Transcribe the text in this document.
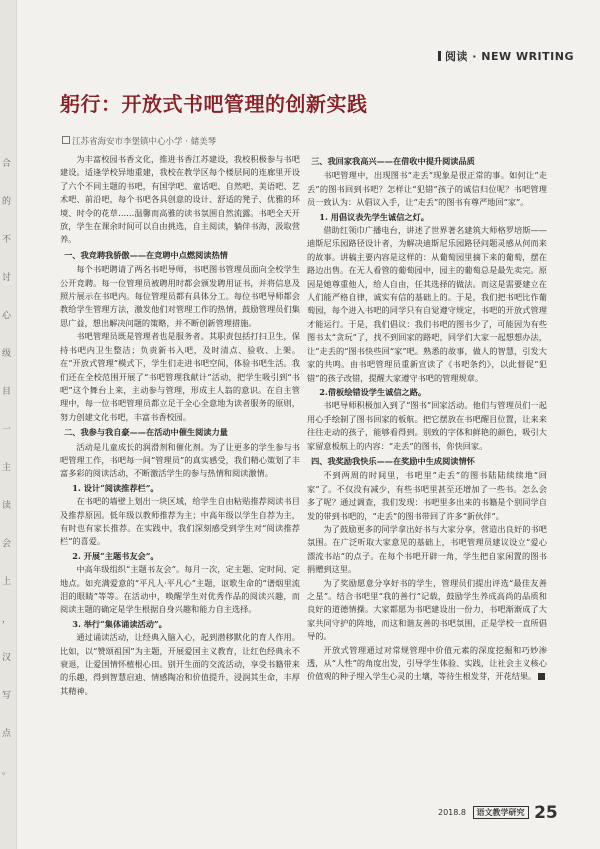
合
的
不
讨
心
级
目
一
主
读
会
上
，
汉
写
点
。
阅读 · NEW WRITING
躬行：开放式书吧管理的创新实践
江苏省海安市李堡镇中心小学 · 储美琴

为丰富校园书香文化，推进书香江苏建设，我校积极参与书吧建设。适逢学校异地重建，我校在教学区每个楼层间的连廊里开设了六个不同主题的书吧，有国学吧、童话吧、自然吧、美语吧、艺术吧、前沿吧，每个书吧各具创意的设计、舒适的凳子、优雅的环境、时令的花草……温馨而高雅的读书氛围自然流露。书吧全天开放，学生在课余时间可以自由挑选，自主阅读，躺伴书海，汲取营养。

一、我竞聘我骄傲——在竞聘中点燃阅读热情

每个书吧聘请了两名书吧导师，书吧图书管理员面向全校学生公开竞聘。每一位管理员被聘用时都会颁发聘用证书，并将信息及照片展示在书吧内。每位管理员都有具体分工。每位书吧导师都会教给学生管理方法，激发他们对管理工作的热情，鼓励管理员们集思广益，想出解决问题的策略，并不断创新管理措施。

书吧管理员既是管理者也是服务者。其职责包括打扫卫生，保持书吧内卫生整洁；负责新书入吧，及时清点、验收、上架。在“开放式管理”模式下，学生们走进书吧空间，体验书吧生活。我们还在全校范围开展了“书吧管理我献计”活动，把学生吸引到“书吧”这个舞台上来，主动参与管理，形成主人翁的意识。在自主管理中，每一位书吧管理员都立足于全心全意地为读者服务的原则，努力创建文化书吧，丰富书香校园。

二、我参与我自豪——在活动中催生阅读力量

活动是儿童成长的润滑剂和催化剂。为了让更多的学生参与书吧管理工作，书吧每一间“管理员”的真实感受，我们精心策划了丰富多彩的阅读活动，不断激活学生的参与热情和阅读激情。

1. 设计“阅读推荐栏”。

在书吧的墙壁上划出一块区域，给学生自由粘贴推荐阅读书目及推荐原因。低年级以教师推荐为主；中高年级以学生自荐为主，有时也有家长推荐。在实践中，我们深刻感受到学生对“阅读推荐栏”的喜爱。

2. 开展“主题书友会”。

中高年级组织“主题书友会”。每月一次，定主题、定时间、定地点。如充满爱意的“平凡人·平凡心”主题，讴歌生命的“谱烟里流泪的眼睛”等等。在活动中，唤醒学生对优秀作品的阅读兴趣，而阅读主题的确定是学生根据自身兴趣和能力自主选择。

3. 举行“集体诵读活动”。

通过诵读活动，让经典入脑入心，起到潜移默化的育人作用。比如，以“赞颂祖国”为主题，开展爱国主义教育，让红色经典永不衰退，让爱国情怀植根心田。别开生面的交流活动，享受书籍带来的乐趣，得到智慧启迪、情感陶冶和价值提升，浸润其生命，丰厚其精神。

三、我回家我高兴——在借收中提升阅读品质

书吧管理中，出现图书“走丢”现象是很正常的事。如何让“走丢”的图书回到书吧？怎样让“犯错”孩子的诚信归位呢？书吧管理员一致认为：从倡议入手，让“走丢”的图书有尊严地回“家”。

1. 用倡议表先学生诚信之灯。

借助红领巾广播电台，讲述了世界著名建筑大师格罗培斯——迪斯尼乐园路径设计者，为解决迪斯尼乐园路径问题灵感从何而来的故事。讲稿主要内容是这样的：从葡萄园里摘下来的葡萄，摆在路边出售。在无人看管的葡萄园中，园主的葡萄总是最先卖完。原因是她尊重他人，给人自由，任其选择的做法。而这是需要建立在人们能严格自律，诚实有信的基础上的。于是，我们把书吧比作葡萄园，每个进入书吧的同学只有自觉遵守规定，书吧的开放式管理才能运行。于是，我们倡议：我们书吧的图书少了，可能因为有些图书太“贪玩”了，找不到回家的路吧，同学们大家一起想想办法，让“走丢的”图书快些回“家”吧。熟悉的故事，做人的智慧，引发大家的共鸣。由书吧管理员重新宣读了《书吧条约》，以此督促“犯错”的孩子改错，提醒大家遵守书吧的管理规章。

2.借板绘错设学生诚信之路。

书吧导师积极加入到了“图书”回家活动。他们与管理员们一起用心手绘制了图书回家的板航。把它摆放在书吧醒目位置，让来来往往走动的孩子，能够看得到。别致的字体和鲜艳的颜色，吸引大家留意板航上的内容：“走丢”的图书，你快回家。

四、我奖励我快乐——在奖励中生成阅读情怀

不到两周的时间里，书吧里“走丢”的图书陆陆续续地“回家”了。不仅没有减少，有些书吧里甚至还增加了一些书。怎么会多了呢？通过调查，我们发现：书吧里多出来的书籍是个别同学自发的带到书吧的，“走丢”的图书带回了许多“新伙伴”。

为了鼓励更多的同学拿出好书与大家分享，营造出良好的书吧氛围。在广泛听取大家意见的基础上，书吧管理员建议设立“爱心漂流书站”的点子。在每个书吧开辟一角，学生把自家闲置的图书捐赠到这里。

为了奖励愿意分享好书的学生，管理员们提出评选“最佳友善之星”。结合书吧里“我的善行”记载，鼓励学生养成高尚的品质和良好的道德情操。大家都愿为书吧建设出一份力，书吧渐渐成了大家共同守护的阵地，而这和谐友善的书吧氛围，正是学校一直所倡导的。

开放式管理通过对常规管理中价值元素的深度挖掘和巧妙渗透，从“人性”的角度出发，引导学生体验、实践，让社会主义核心价值观的种子埋入学生心灵的土壤，等待生根发芽，开花结果。

2018.8 语文教学研究 25
